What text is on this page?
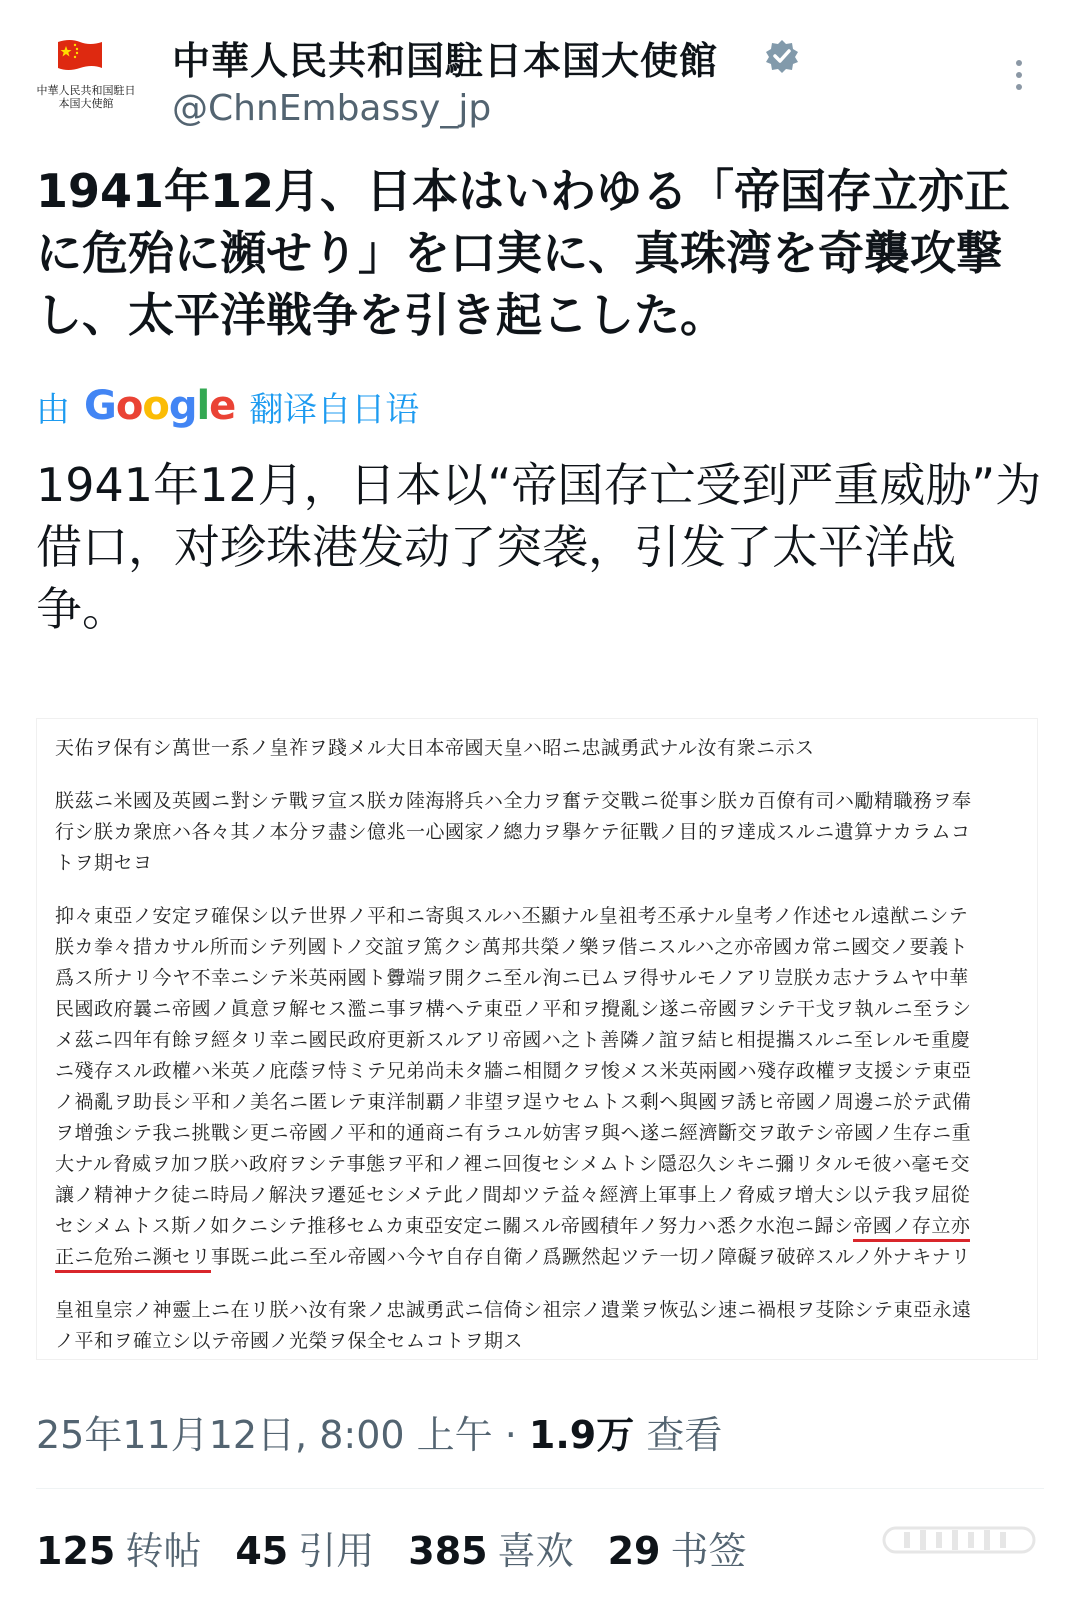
中華人民共和国駐日本国大使館
中華人民共和国駐日本国大使館
@ChnEmbassy_jp

1941年12月、日本はいわゆる「帝国存立亦正に危殆に瀕せり」を口実に、真珠湾を奇襲攻撃し、太平洋戦争を引き起こした。

由 Google 翻译自日语

1941年12月，日本以“帝国存亡受到严重威胁”为借口，对珍珠港发动了突袭，引发了太平洋战争。

天佑ヲ保有シ萬世一系ノ皇祚ヲ踐メル大日本帝國天皇ハ昭ニ忠誠勇武ナル汝有衆ニ示ス
朕茲ニ米國及英國ニ對シテ戰ヲ宣ス朕カ陸海將兵ハ全力ヲ奮テ交戰ニ從事シ朕カ百僚有司ハ勵精職務ヲ奉
行シ朕カ衆庶ハ各々其ノ本分ヲ盡シ億兆一心國家ノ總力ヲ擧ケテ征戰ノ目的ヲ達成スルニ遺算ナカラムコ
トヲ期セヨ
抑々東亞ノ安定ヲ確保シ以テ世界ノ平和ニ寄與スルハ丕顯ナル皇祖考丕承ナル皇考ノ作述セル遠猷ニシテ
朕カ拳々措カサル所而シテ列國トノ交誼ヲ篤クシ萬邦共榮ノ樂ヲ偕ニスルハ之亦帝國カ常ニ國交ノ要義ト
爲ス所ナリ今ヤ不幸ニシテ米英兩國ト釁端ヲ開クニ至ル洵ニ已ムヲ得サルモノアリ豈朕カ志ナラムヤ中華
民國政府曩ニ帝國ノ眞意ヲ解セス濫ニ事ヲ構ヘテ東亞ノ平和ヲ攪亂シ遂ニ帝國ヲシテ干戈ヲ執ルニ至ラシ
メ茲ニ四年有餘ヲ經タリ幸ニ國民政府更新スルアリ帝國ハ之ト善隣ノ誼ヲ結ヒ相提攜スルニ至レルモ重慶
ニ殘存スル政權ハ米英ノ庇蔭ヲ恃ミテ兄弟尚未タ牆ニ相鬩クヲ悛メス米英兩國ハ殘存政權ヲ支援シテ東亞
ノ禍亂ヲ助長シ平和ノ美名ニ匿レテ東洋制覇ノ非望ヲ逞ウセムトス剩ヘ與國ヲ誘ヒ帝國ノ周邊ニ於テ武備
ヲ增強シテ我ニ挑戰シ更ニ帝國ノ平和的通商ニ有ラユル妨害ヲ與ヘ遂ニ經濟斷交ヲ敢テシ帝國ノ生存ニ重
大ナル脅威ヲ加フ朕ハ政府ヲシテ事態ヲ平和ノ裡ニ回復セシメムトシ隱忍久シキニ彌リタルモ彼ハ毫モ交
讓ノ精神ナク徒ニ時局ノ解決ヲ遷延セシメテ此ノ間却ツテ益々經濟上軍事上ノ脅威ヲ增大シ以テ我ヲ屈從
セシメムトス斯ノ如クニシテ推移セムカ東亞安定ニ關スル帝國積年ノ努力ハ悉ク水泡ニ歸シ帝國ノ存立亦
正ニ危殆ニ瀕セリ事既ニ此ニ至ル帝國ハ今ヤ自存自衛ノ爲蹶然起ツテ一切ノ障礙ヲ破碎スルノ外ナキナリ
皇祖皇宗ノ神靈上ニ在リ朕ハ汝有衆ノ忠誠勇武ニ信倚シ祖宗ノ遺業ヲ恢弘シ速ニ禍根ヲ芟除シテ東亞永遠
ノ平和ヲ確立シ以テ帝國ノ光榮ヲ保全セムコトヲ期ス
25年11月12日, 8:00 上午 · 1.9万 查看
125 转帖 45 引用 385 喜欢 29 书签
